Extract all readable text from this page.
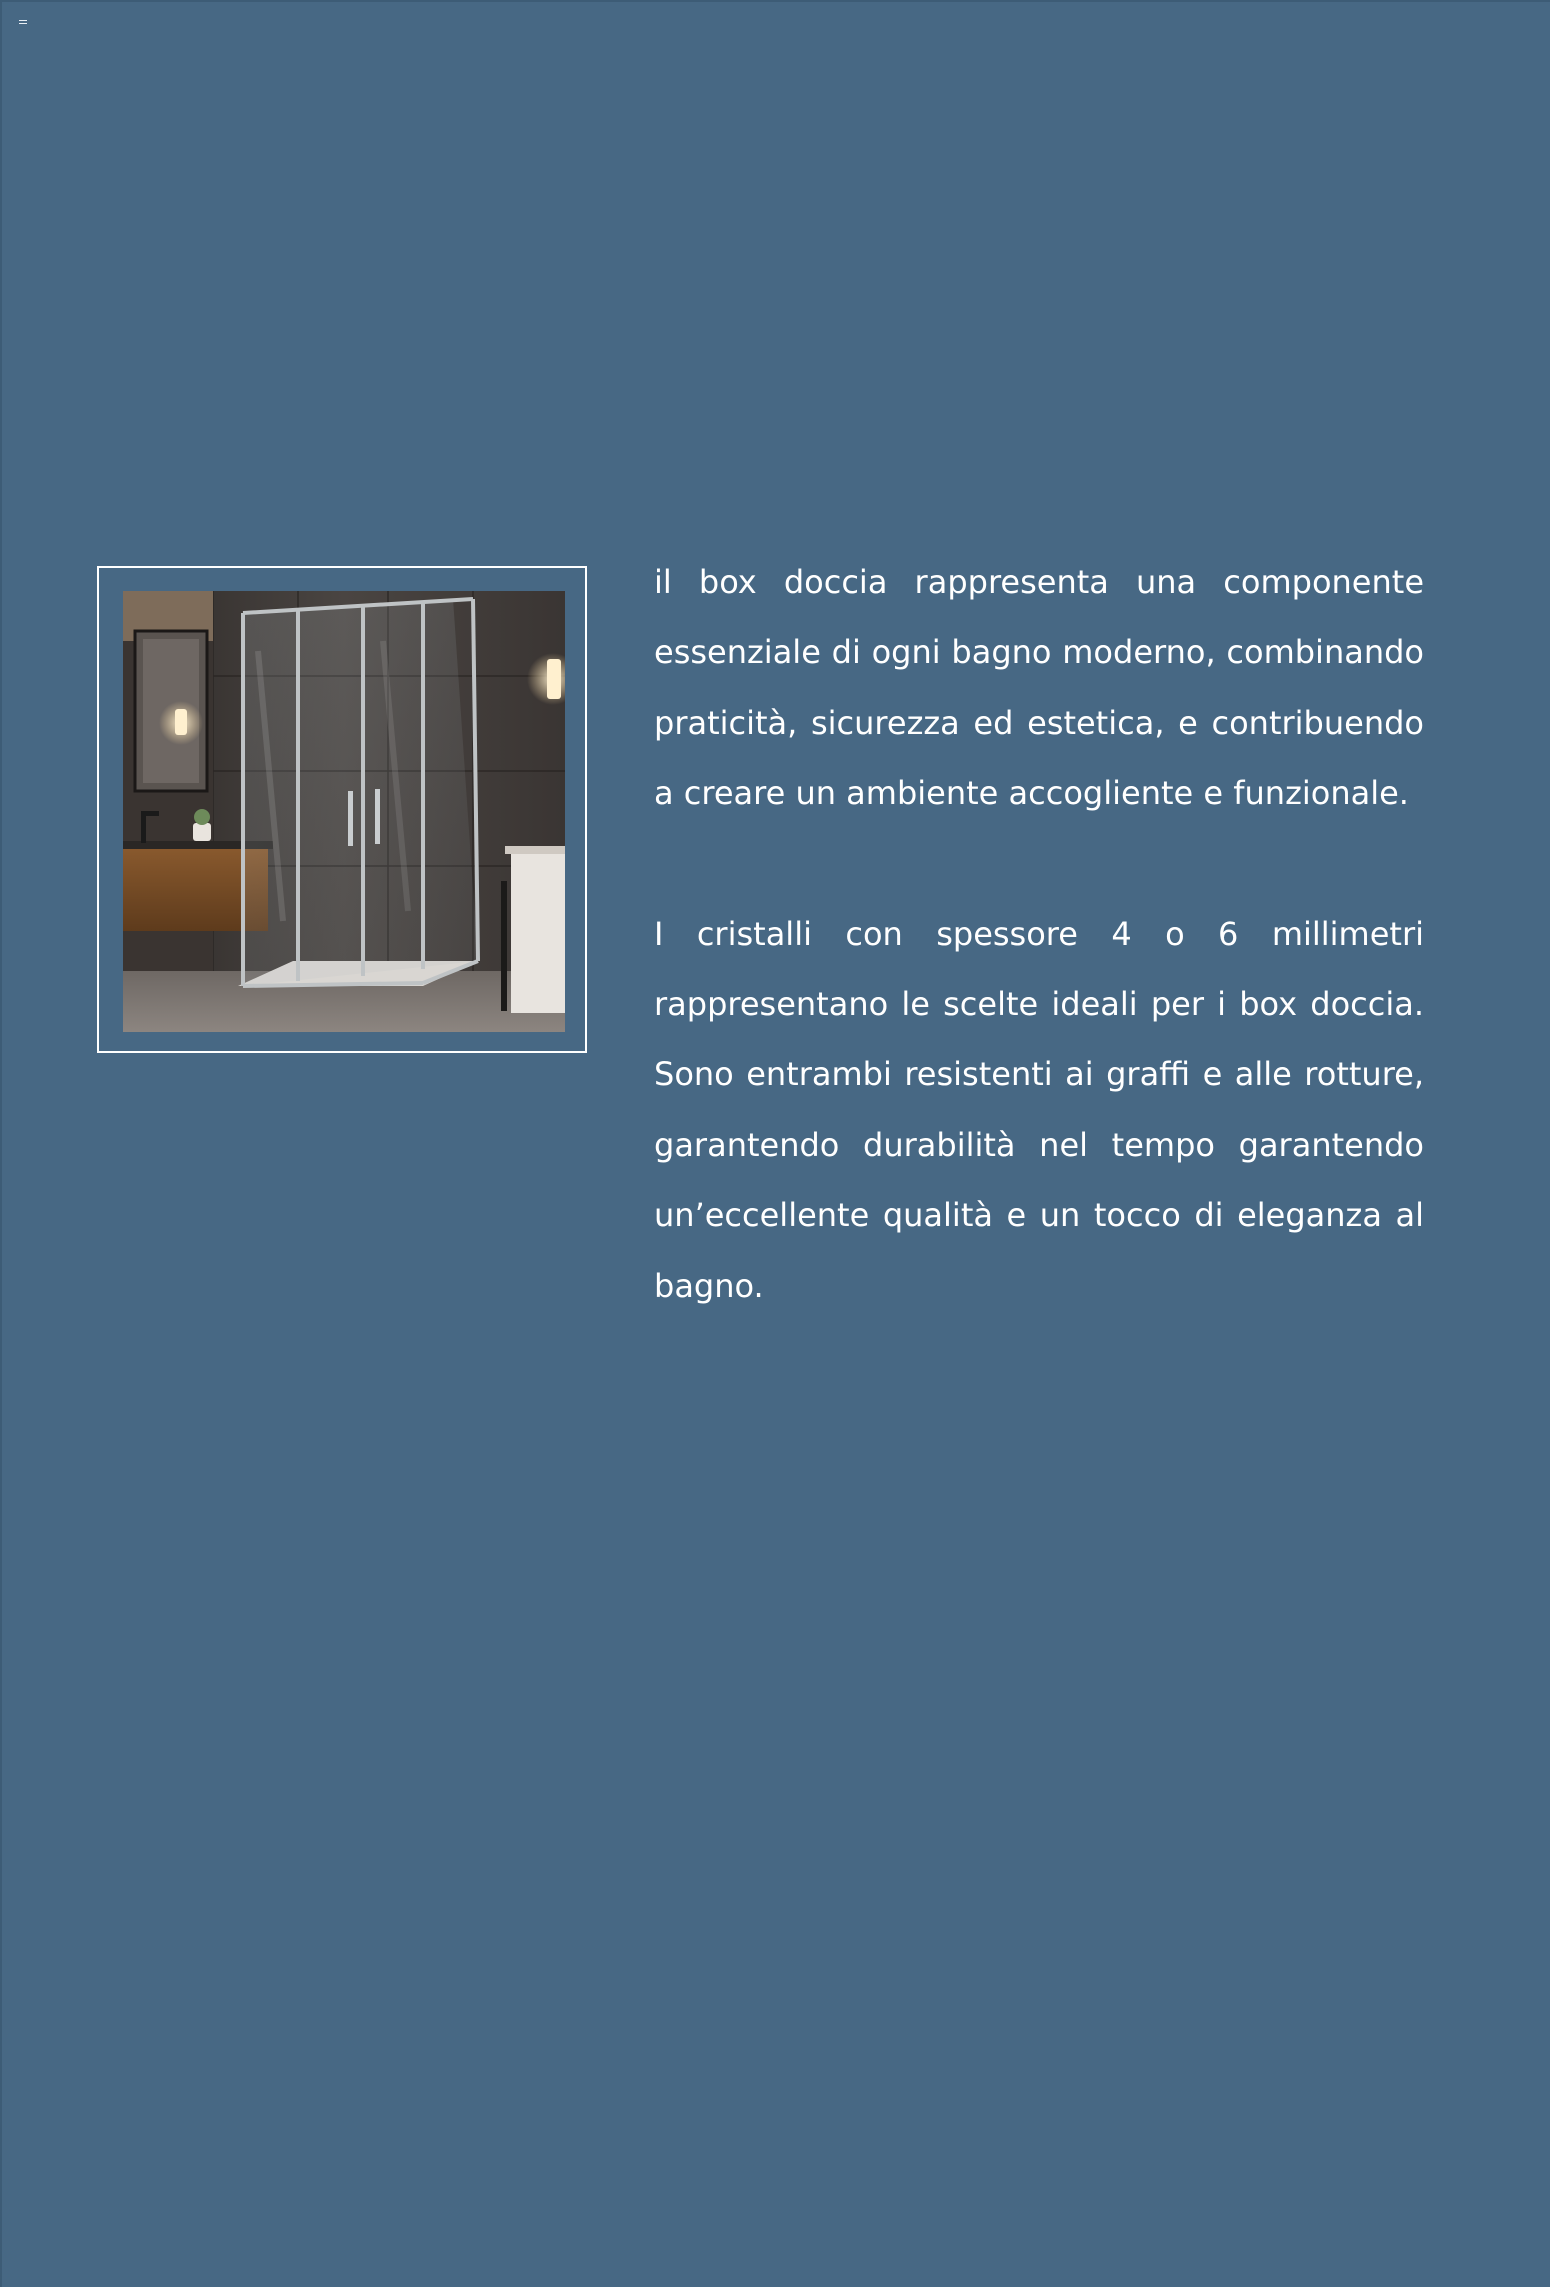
il box doccia rappresenta una componente essenziale di ogni bagno moderno, combinando praticità, sicurezza ed estetica, e contribuendo a creare un ambiente accogliente e funzionale.

I cristalli con spessore 4 o 6 millimetri rappresentano le scelte ideali per i box doccia. Sono entrambi resistenti ai graffi e alle rotture, garantendo durabilità nel tempo garantendo un’eccellente qualità e un tocco di eleganza al bagno.
